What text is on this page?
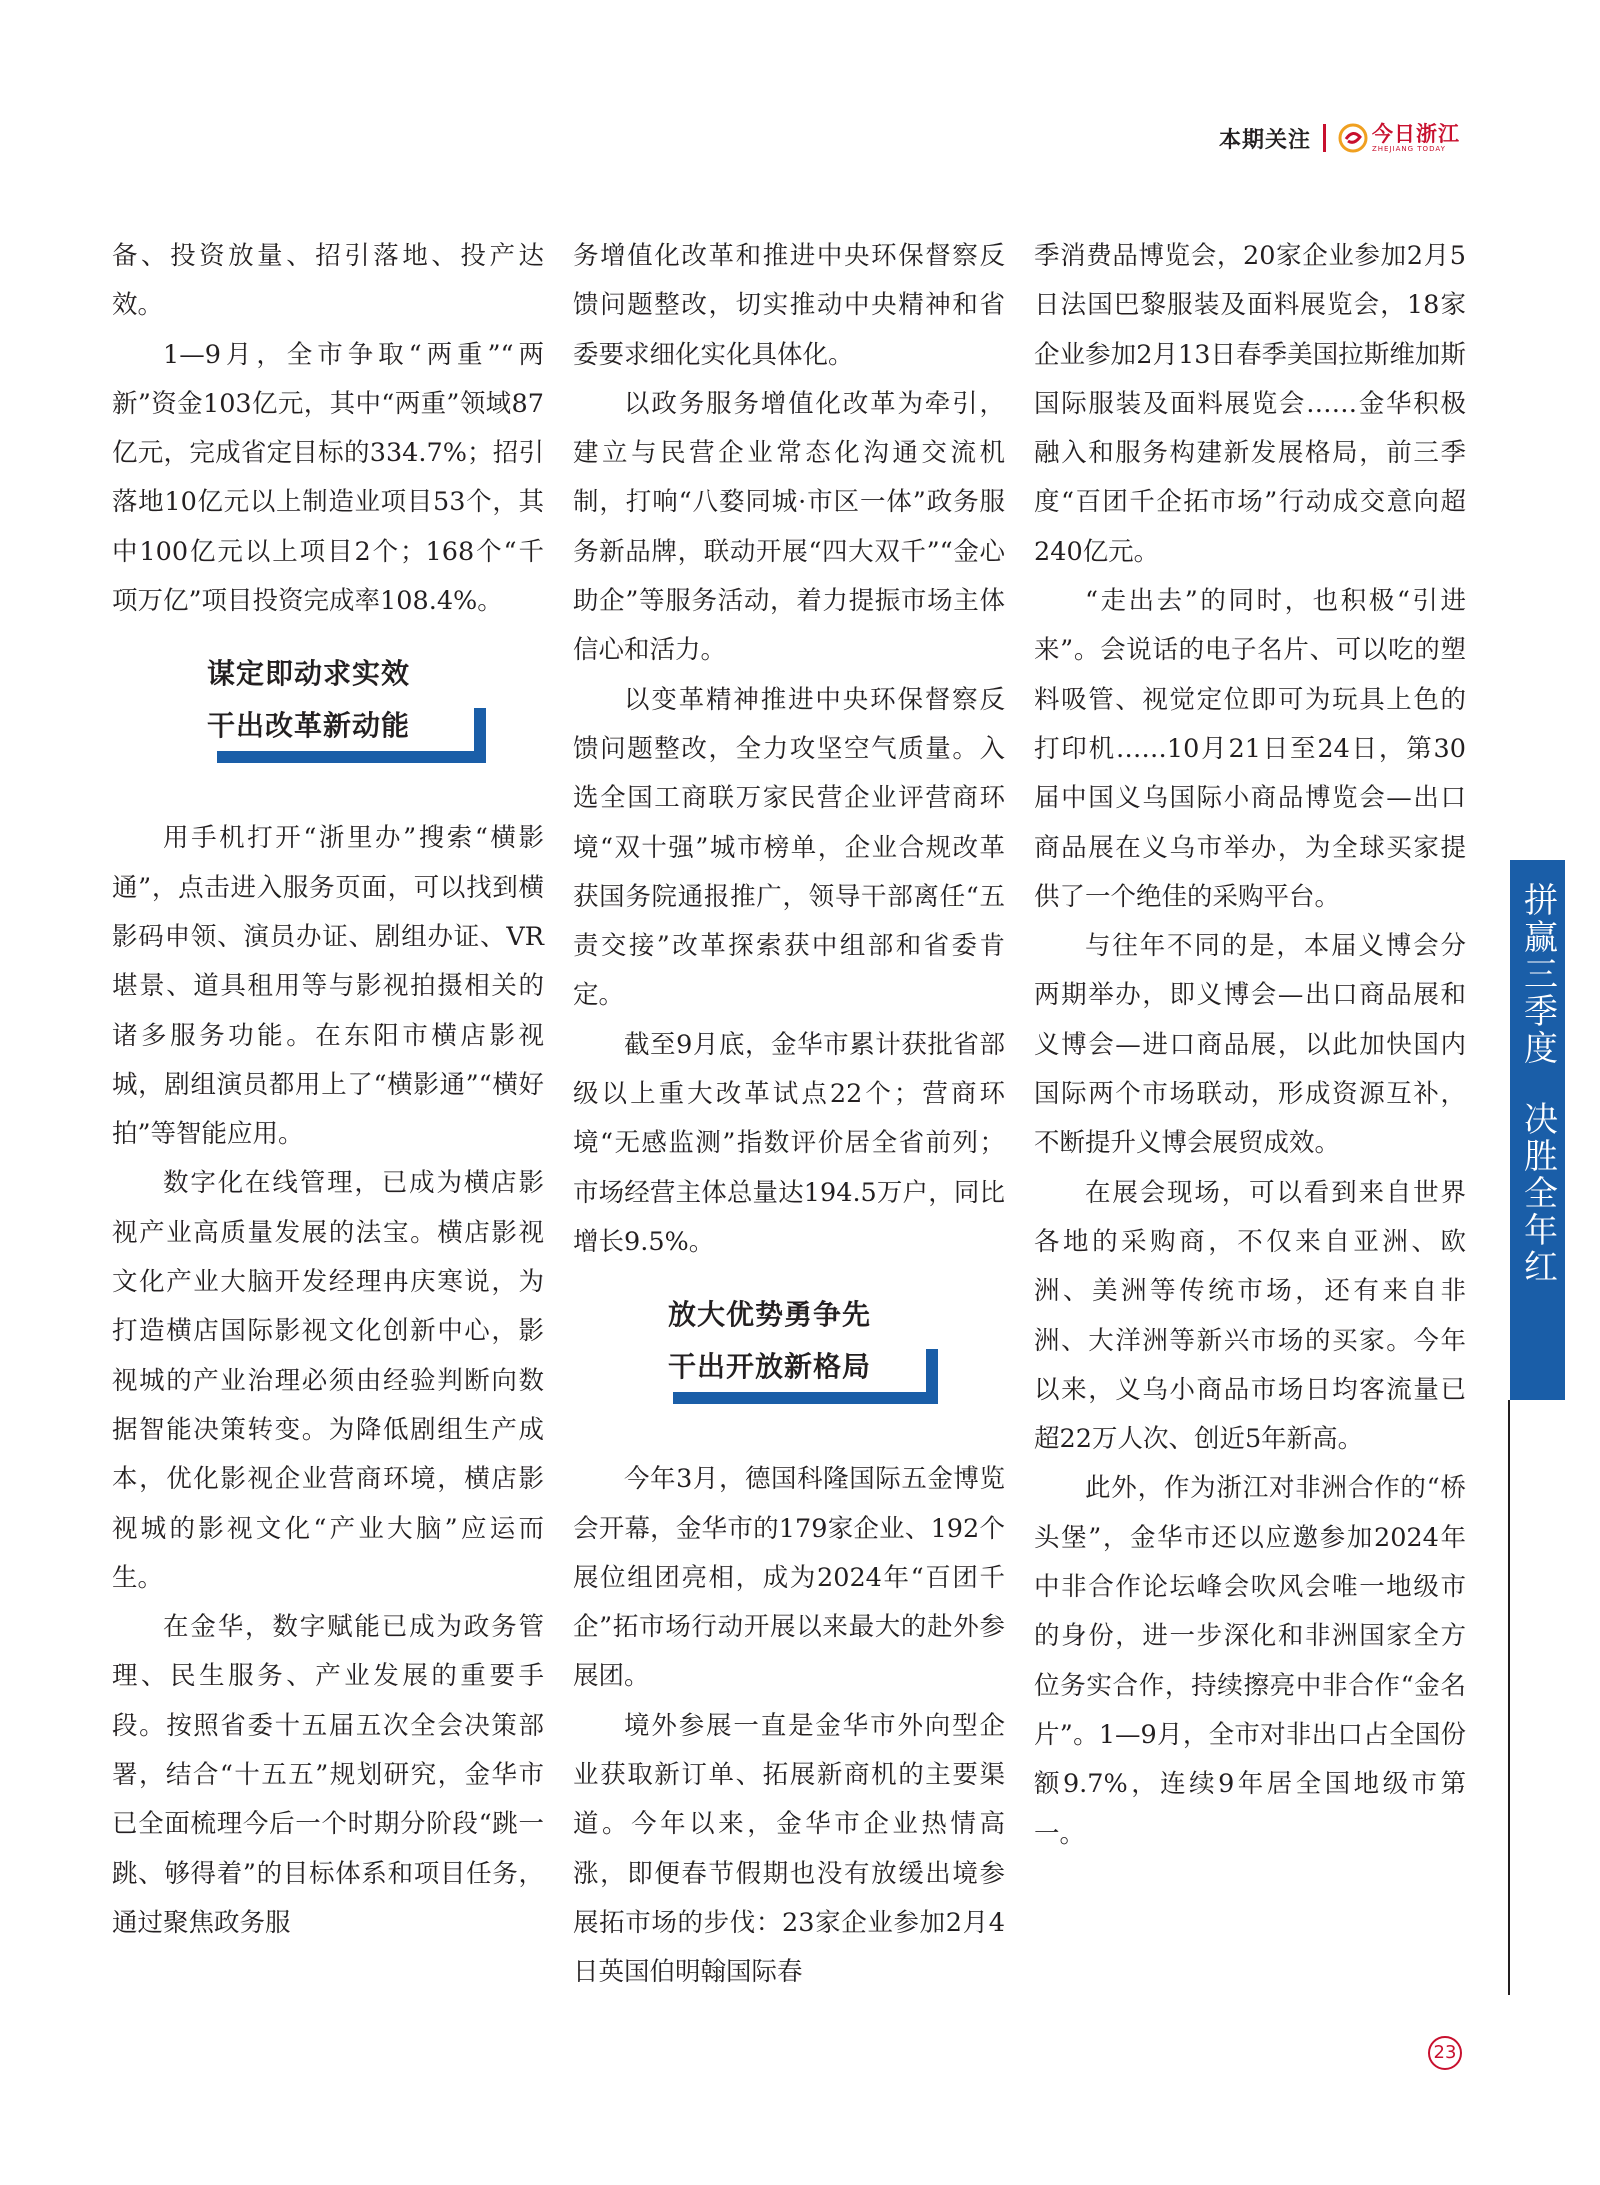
本期关注	今日浙江
ZHEJIANG TODAY

备、投资放量、招引落地、投产达效。

1—9月，全市争取“两重”“两新”资金103亿元，其中“两重”领域87亿元，完成省定目标的334.7%；招引落地10亿元以上制造业项目53个，其中100亿元以上项目2个；168个“千项万亿”项目投资完成率108.4%。

谋定即动求实效
干出改革新动能

用手机打开“浙里办”搜索“横影通”，点击进入服务页面，可以找到横影码申领、演员办证、剧组办证、VR堪景、道具租用等与影视拍摄相关的诸多服务功能。在东阳市横店影视城，剧组演员都用上了“横影通”“横好拍”等智能应用。

数字化在线管理，已成为横店影视产业高质量发展的法宝。横店影视文化产业大脑开发经理冉庆寒说，为打造横店国际影视文化创新中心，影视城的产业治理必须由经验判断向数据智能决策转变。为降低剧组生产成本，优化影视企业营商环境，横店影视城的影视文化“产业大脑”应运而生。

在金华，数字赋能已成为政务管理、民生服务、产业发展的重要手段。按照省委十五届五次全会决策部署，结合“十五五”规划研究，金华市已全面梳理今后一个时期分阶段“跳一跳、够得着”的目标体系和项目任务，通过聚焦政务服

务增值化改革和推进中央环保督察反馈问题整改，切实推动中央精神和省委要求细化实化具体化。

以政务服务增值化改革为牵引，建立与民营企业常态化沟通交流机制，打响“八婺同城·市区一体”政务服务新品牌，联动开展“四大双千”“金心助企”等服务活动，着力提振市场主体信心和活力。

以变革精神推进中央环保督察反馈问题整改，全力攻坚空气质量。入选全国工商联万家民营企业评营商环境“双十强”城市榜单，企业合规改革获国务院通报推广，领导干部离任“五责交接”改革探索获中组部和省委肯定。

截至9月底，金华市累计获批省部级以上重大改革试点22个；营商环境“无感监测”指数评价居全省前列；市场经营主体总量达194.5万户，同比增长9.5%。

放大优势勇争先
干出开放新格局

今年3月，德国科隆国际五金博览会开幕，金华市的179家企业、192个展位组团亮相，成为2024年“百团千企”拓市场行动开展以来最大的赴外参展团。

境外参展一直是金华市外向型企业获取新订单、拓展新商机的主要渠道。今年以来，金华市企业热情高涨，即便春节假期也没有放缓出境参展拓市场的步伐：23家企业参加2月4日英国伯明翰国际春

季消费品博览会，20家企业参加2月5日法国巴黎服装及面料展览会，18家企业参加2月13日春季美国拉斯维加斯国际服装及面料展览会……金华积极融入和服务构建新发展格局，前三季度“百团千企拓市场”行动成交意向超240亿元。

“走出去”的同时，也积极“引进来”。会说话的电子名片、可以吃的塑料吸管、视觉定位即可为玩具上色的打印机……10月21日至24日，第30届中国义乌国际小商品博览会—出口商品展在义乌市举办，为全球买家提供了一个绝佳的采购平台。

与往年不同的是，本届义博会分两期举办，即义博会—出口商品展和义博会—进口商品展，以此加快国内国际两个市场联动，形成资源互补，不断提升义博会展贸成效。

在展会现场，可以看到来自世界各地的采购商，不仅来自亚洲、欧洲、美洲等传统市场，还有来自非洲、大洋洲等新兴市场的买家。今年以来，义乌小商品市场日均客流量已超22万人次、创近5年新高。

此外，作为浙江对非洲合作的“桥头堡”，金华市还以应邀参加2024年中非合作论坛峰会吹风会唯一地级市的身份，进一步深化和非洲国家全方位务实合作，持续擦亮中非合作“金名片”。1—9月，全市对非出口占全国份额9.7%，连续9年居全国地级市第一。

拼赢三季度
决胜全年红
23
